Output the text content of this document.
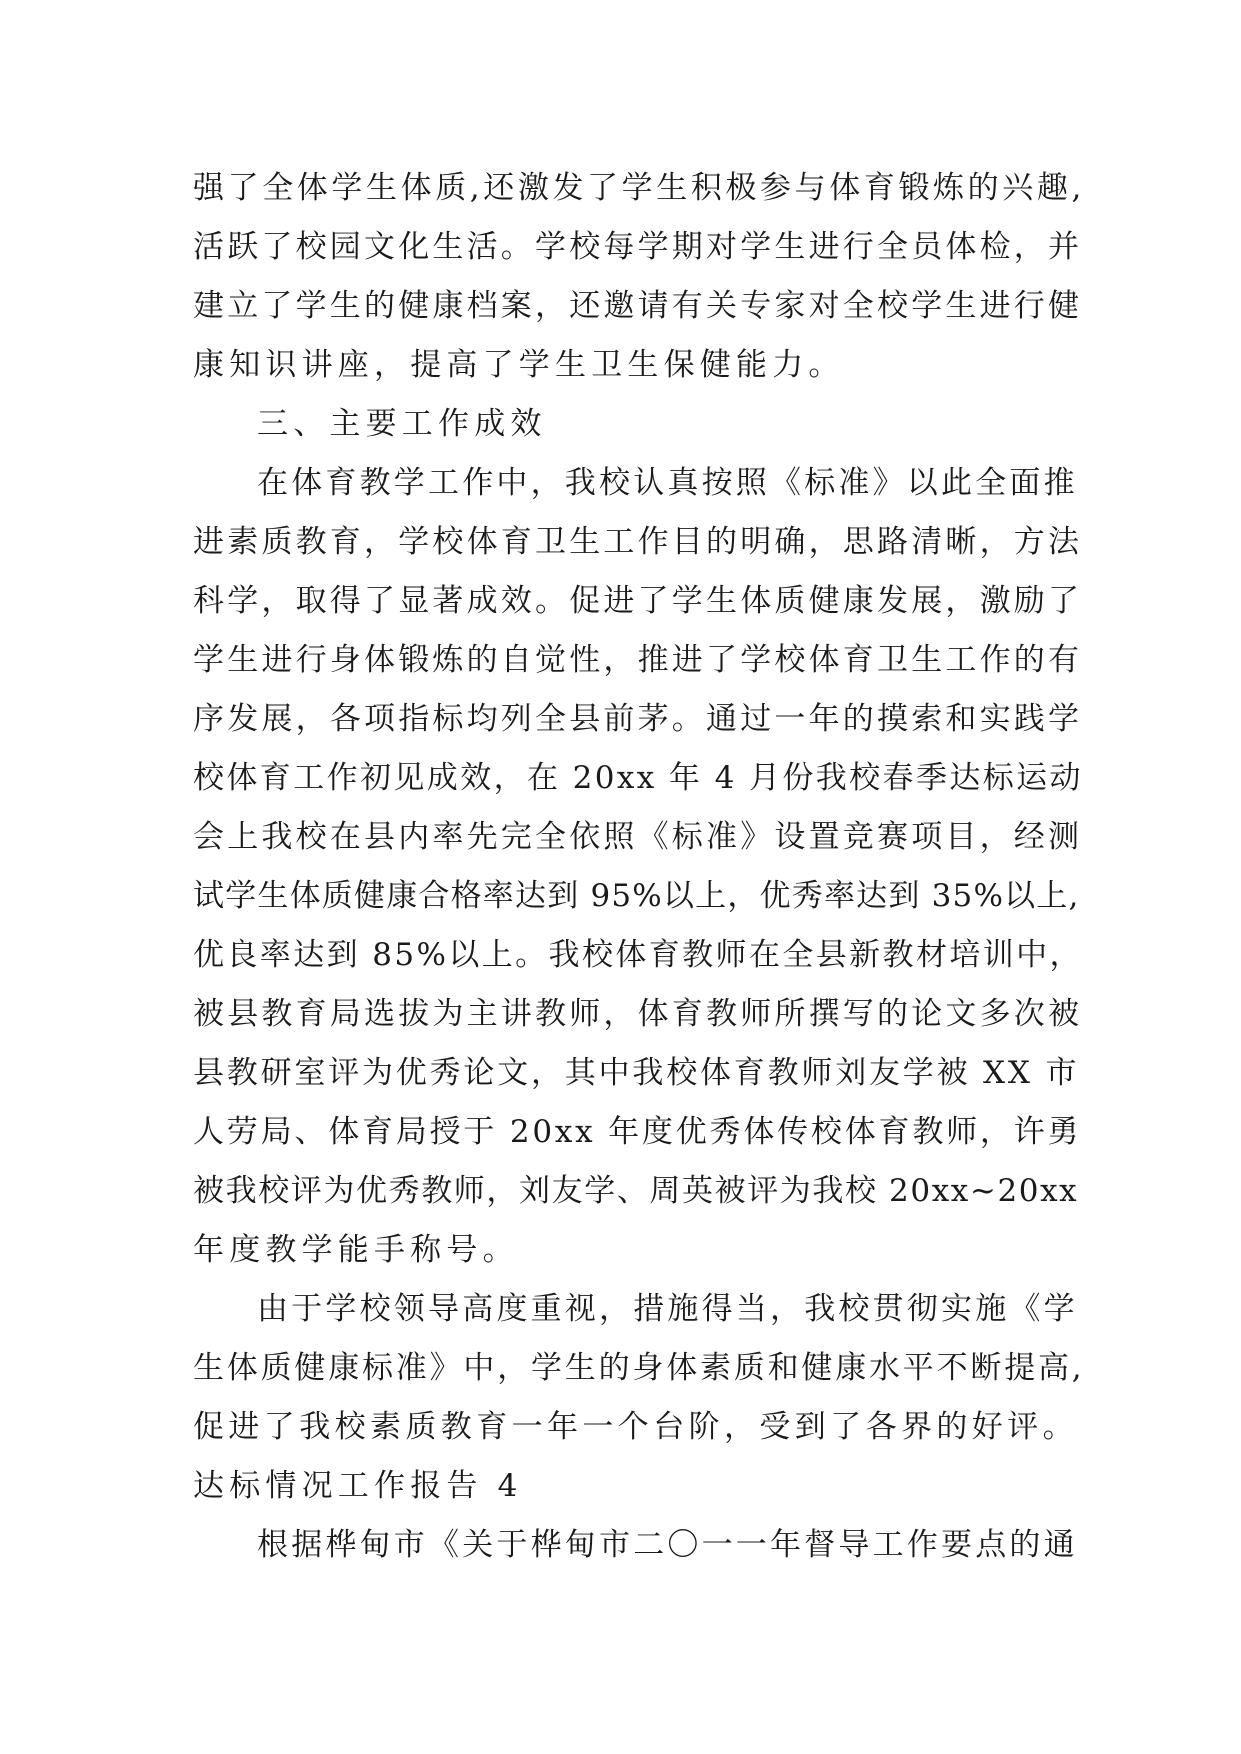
强了全体学生体质,还激发了学生积极参与体育锻炼的兴趣,
活跃了校园文化生活。学校每学期对学生进行全员体检，并
建立了学生的健康档案，还邀请有关专家对全校学生进行健
康知识讲座，提高了学生卫生保健能力。
三、主要工作成效
在体育教学工作中，我校认真按照《标准》以此全面推
进素质教育，学校体育卫生工作目的明确，思路清晰，方法
科学，取得了显著成效。促进了学生体质健康发展，激励了
学生进行身体锻炼的自觉性，推进了学校体育卫生工作的有
序发展，各项指标均列全县前茅。通过一年的摸索和实践学
校体育工作初见成效，在 20xx 年 4 月份我校春季达标运动
会上我校在县内率先完全依照《标准》设置竞赛项目，经测
试学生体质健康合格率达到 95%以上，优秀率达到 35%以上,
优良率达到 85%以上。我校体育教师在全县新教材培训中，
被县教育局选拔为主讲教师，体育教师所撰写的论文多次被
县教研室评为优秀论文，其中我校体育教师刘友学被 XX 市
人劳局、体育局授于 20xx 年度优秀体传校体育教师，许勇
被我校评为优秀教师，刘友学、周英被评为我校 20xx~20xx
年度教学能手称号。
由于学校领导高度重视，措施得当，我校贯彻实施《学
生体质健康标准》中，学生的身体素质和健康水平不断提高,
促进了我校素质教育一年一个台阶，受到了各界的好评。
达标情况工作报告 4
根据桦甸市《关于桦甸市二〇一一年督导工作要点的通
